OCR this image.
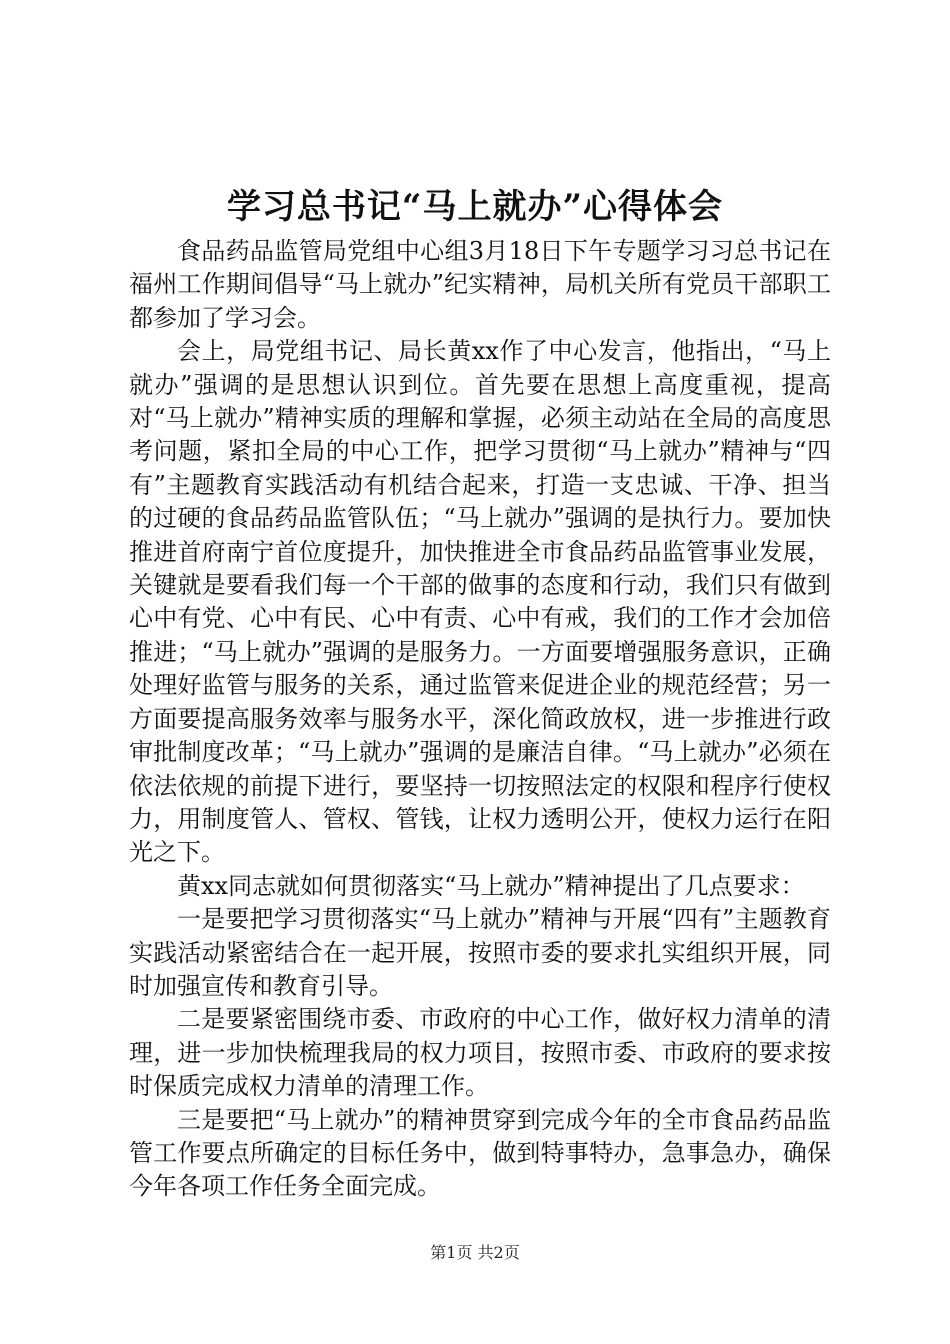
学习总书记“马上就办”心得体会

食品药品监管局党组中心组3月18日下午专题学习习总书记在福州工作期间倡导“马上就办”纪实精神，局机关所有党员干部职工都参加了学习会。

会上，局党组书记、局长黄xx作了中心发言，他指出，“马上就办”强调的是思想认识到位。首先要在思想上高度重视，提高对“马上就办”精神实质的理解和掌握，必须主动站在全局的高度思考问题，紧扣全局的中心工作，把学习贯彻“马上就办”精神与“四有”主题教育实践活动有机结合起来，打造一支忠诚、干净、担当的过硬的食品药品监管队伍；“马上就办”强调的是执行力。要加快推进首府南宁首位度提升，加快推进全市食品药品监管事业发展，关键就是要看我们每一个干部的做事的态度和行动，我们只有做到心中有党、心中有民、心中有责、心中有戒，我们的工作才会加倍推进；“马上就办”强调的是服务力。一方面要增强服务意识，正确处理好监管与服务的关系，通过监管来促进企业的规范经营；另一方面要提高服务效率与服务水平，深化简政放权，进一步推进行政审批制度改革；“马上就办”强调的是廉洁自律。“马上就办”必须在依法依规的前提下进行，要坚持一切按照法定的权限和程序行使权力，用制度管人、管权、管钱，让权力透明公开，使权力运行在阳光之下。

黄xx同志就如何贯彻落实“马上就办”精神提出了几点要求：

一是要把学习贯彻落实“马上就办”精神与开展“四有”主题教育实践活动紧密结合在一起开展，按照市委的要求扎实组织开展，同时加强宣传和教育引导。

二是要紧密围绕市委、市政府的中心工作，做好权力清单的清理，进一步加快梳理我局的权力项目，按照市委、市政府的要求按时保质完成权力清单的清理工作。

三是要把“马上就办”的精神贯穿到完成今年的全市食品药品监管工作要点所确定的目标任务中，做到特事特办，急事急办，确保今年各项工作任务全面完成。

第1页 共2页
